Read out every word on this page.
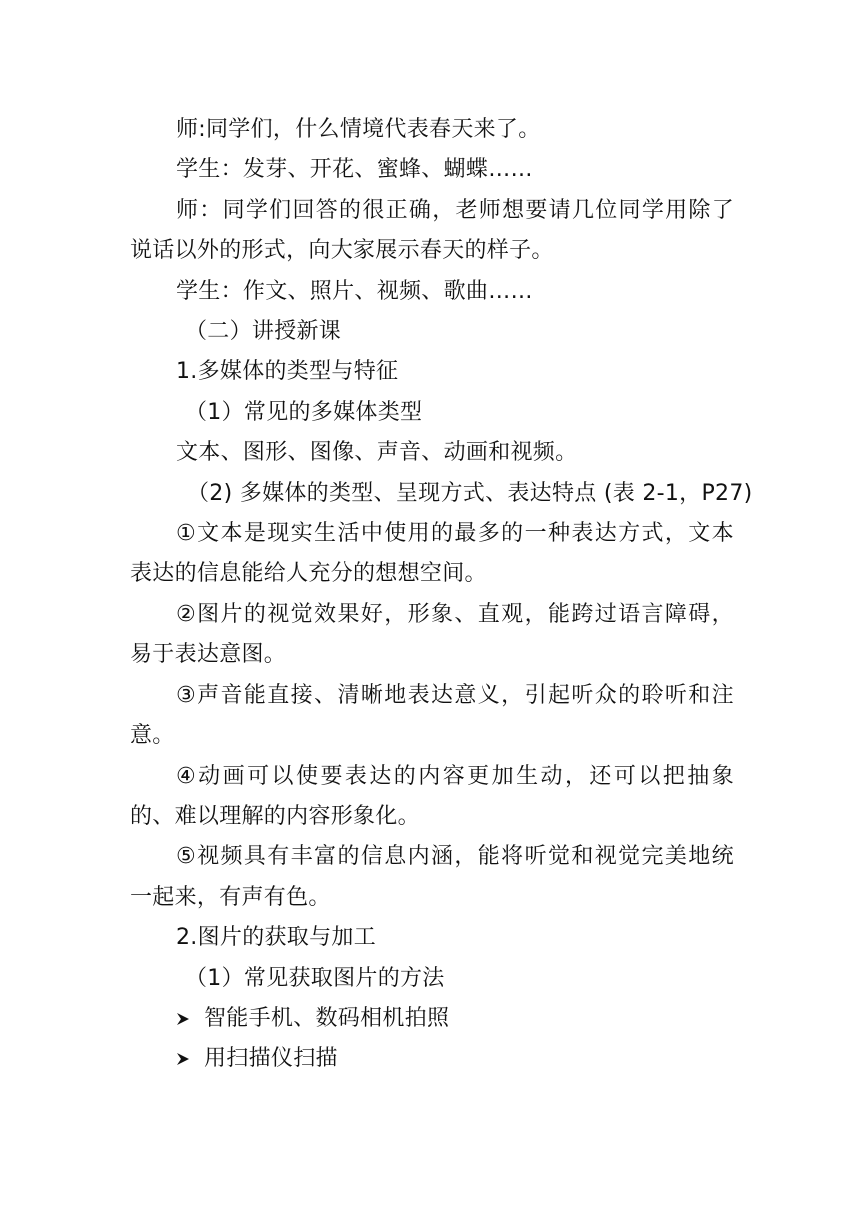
师:同学们，什么情境代表春天来了。
学生：发芽、开花、蜜蜂、蝴蝶……
师：同学们回答的很正确，老师想要请几位同学用除了
说话以外的形式，向大家展示春天的样子。
学生：作文、照片、视频、歌曲……
（二）讲授新课
1.多媒体的类型与特征
（1）常见的多媒体类型
文本、图形、图像、声音、动画和视频。
（2) 多媒体的类型、呈现方式、表达特点 (表 2-1，P27)
①文本是现实生活中使用的最多的一种表达方式，文本
表达的信息能给人充分的想想空间。
②图片的视觉效果好，形象、直观，能跨过语言障碍，
易于表达意图。
③声音能直接、清晰地表达意义，引起听众的聆听和注
意。
④动画可以使要表达的内容更加生动，还可以把抽象
的、难以理解的内容形象化。
⑤视频具有丰富的信息内涵，能将听觉和视觉完美地统
一起来，有声有色。
2.图片的获取与加工
（1）常见获取图片的方法
智能手机、数码相机拍照
用扫描仪扫描
